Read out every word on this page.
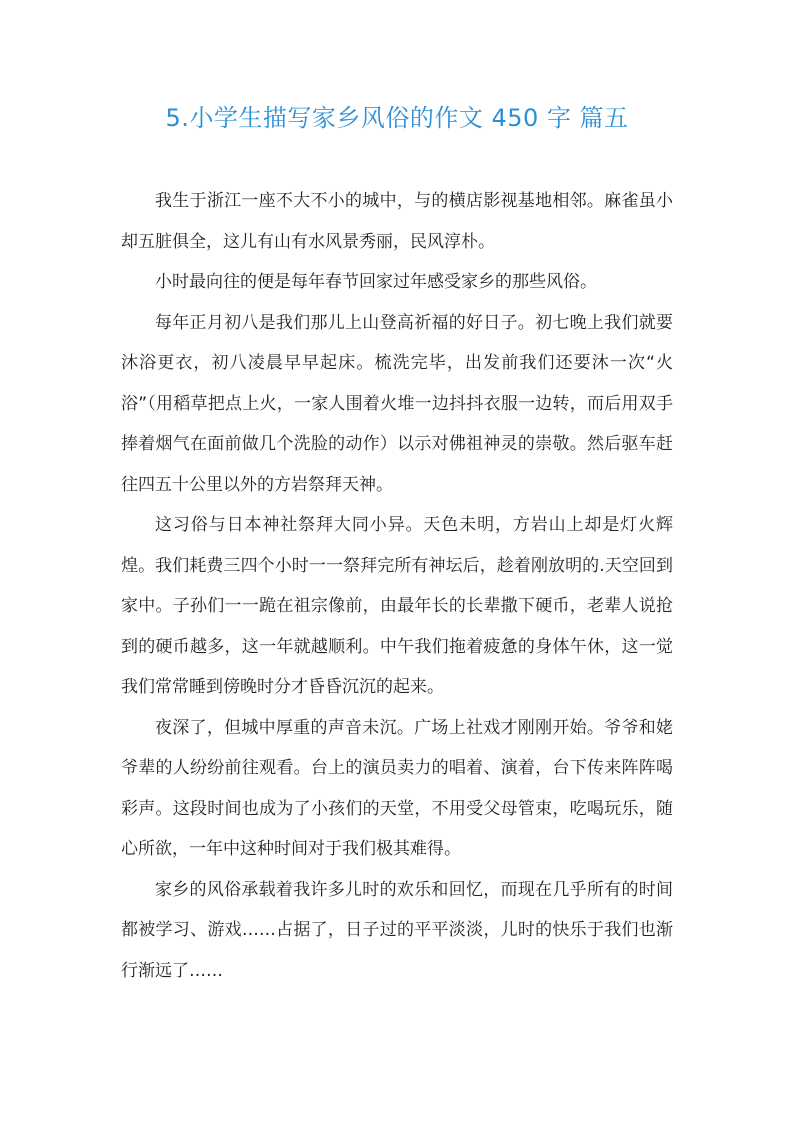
5.小学生描写家乡风俗的作文 450 字 篇五

我生于浙江一座不大不小的城中，与的横店影视基地相邻。麻雀虽小却五脏俱全，这儿有山有水风景秀丽，民风淳朴。

小时最向往的便是每年春节回家过年感受家乡的那些风俗。

每年正月初八是我们那儿上山登高祈福的好日子。初七晚上我们就要沐浴更衣，初八凌晨早早起床。梳洗完毕，出发前我们还要沐一次“火浴”（用稻草把点上火，一家人围着火堆一边抖抖衣服一边转，而后用双手捧着烟气在面前做几个洗脸的动作）以示对佛祖神灵的崇敬。然后驱车赶往四五十公里以外的方岩祭拜天神。

这习俗与日本神社祭拜大同小异。天色未明，方岩山上却是灯火辉煌。我们耗费三四个小时一一祭拜完所有神坛后，趁着刚放明的.天空回到家中。子孙们一一跪在祖宗像前，由最年长的长辈撒下硬币，老辈人说抢到的硬币越多，这一年就越顺利。中午我们拖着疲惫的身体午休，这一觉我们常常睡到傍晚时分才昏昏沉沉的起来。

夜深了，但城中厚重的声音未沉。广场上社戏才刚刚开始。爷爷和姥爷辈的人纷纷前往观看。台上的演员卖力的唱着、演着，台下传来阵阵喝彩声。这段时间也成为了小孩们的天堂，不用受父母管束，吃喝玩乐，随心所欲，一年中这种时间对于我们极其难得。

家乡的风俗承载着我许多儿时的欢乐和回忆，而现在几乎所有的时间都被学习、游戏……占据了，日子过的平平淡淡，儿时的快乐于我们也渐行渐远了……
